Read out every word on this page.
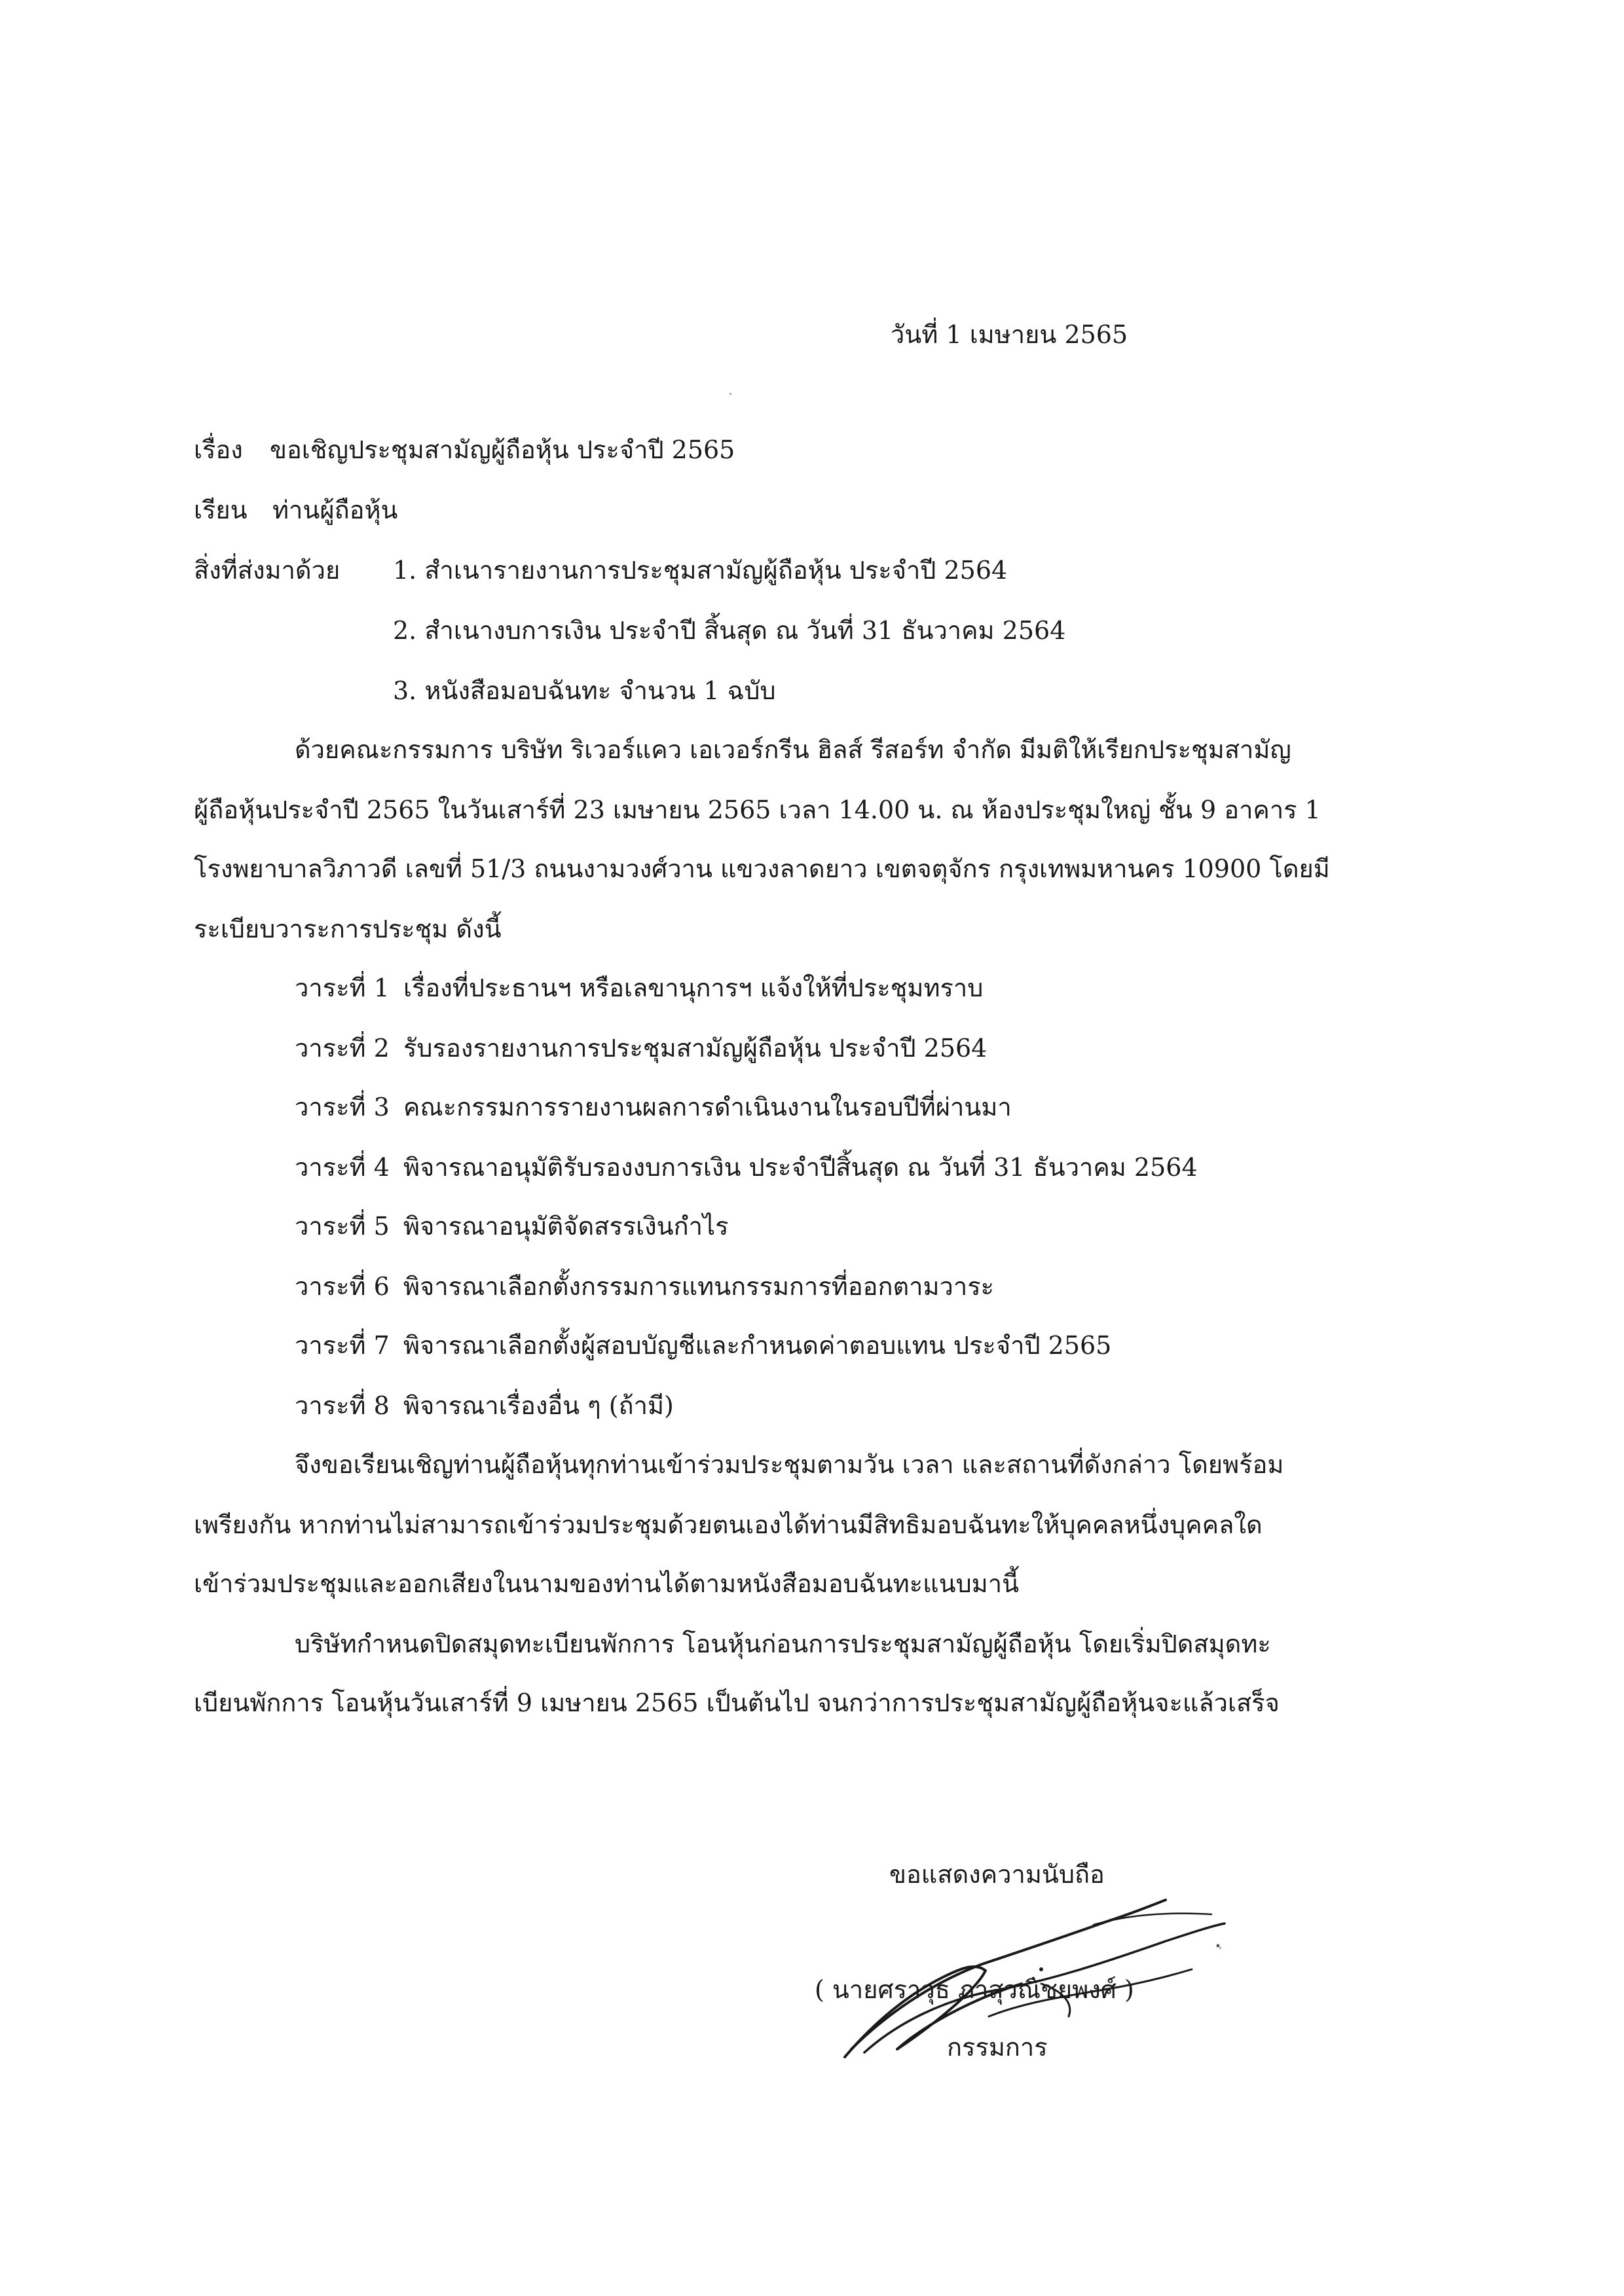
วันที่ 1 เมษายน 2565
เรื่อง ขอเชิญประชุมสามัญผู้ถือหุ้น ประจำปี 2565
เรียน ท่านผู้ถือหุ้น
สิ่งที่ส่งมาด้วย 1. สำเนารายงานการประชุมสามัญผู้ถือหุ้น ประจำปี 2564
2. สำเนางบการเงิน ประจำปี สิ้นสุด ณ วันที่ 31 ธันวาคม 2564
3. หนังสือมอบฉันทะ จำนวน 1 ฉบับ
ด้วยคณะกรรมการ บริษัท ริเวอร์แคว เอเวอร์กรีน ฮิลส์ รีสอร์ท จำกัด มีมติให้เรียกประชุมสามัญ
ผู้ถือหุ้นประจำปี 2565 ในวันเสาร์ที่ 23 เมษายน 2565 เวลา 14.00 น. ณ ห้องประชุมใหญ่ ชั้น 9 อาคาร 1
โรงพยาบาลวิภาวดี เลขที่ 51/3 ถนนงามวงศ์วาน แขวงลาดยาว เขตจตุจักร กรุงเทพมหานคร 10900 โดยมี
ระเบียบวาระการประชุม ดังนี้
วาระที่ 1 เรื่องที่ประธานฯ หรือเลขานุการฯ แจ้งให้ที่ประชุมทราบ
วาระที่ 2 รับรองรายงานการประชุมสามัญผู้ถือหุ้น ประจำปี 2564
วาระที่ 3 คณะกรรมการรายงานผลการดำเนินงานในรอบปีที่ผ่านมา
วาระที่ 4 พิจารณาอนุมัติรับรองงบการเงิน ประจำปีสิ้นสุด ณ วันที่ 31 ธันวาคม 2564
วาระที่ 5 พิจารณาอนุมัติจัดสรรเงินกำไร
วาระที่ 6 พิจารณาเลือกตั้งกรรมการแทนกรรมการที่ออกตามวาระ
วาระที่ 7 พิจารณาเลือกตั้งผู้สอบบัญชีและกำหนดค่าตอบแทน ประจำปี 2565
วาระที่ 8 พิจารณาเรื่องอื่น ๆ (ถ้ามี)
จึงขอเรียนเชิญท่านผู้ถือหุ้นทุกท่านเข้าร่วมประชุมตามวัน เวลา และสถานที่ดังกล่าว โดยพร้อม
เพรียงกัน หากท่านไม่สามารถเข้าร่วมประชุมด้วยตนเองได้ท่านมีสิทธิมอบฉันทะให้บุคคลหนึ่งบุคคลใด
เข้าร่วมประชุมและออกเสียงในนามของท่านได้ตามหนังสือมอบฉันทะแนบมานี้
บริษัทกำหนดปิดสมุดทะเบียนพักการ โอนหุ้นก่อนการประชุมสามัญผู้ถือหุ้น โดยเริ่มปิดสมุดทะ
เบียนพักการ โอนหุ้นวันเสาร์ที่ 9 เมษายน 2565 เป็นต้นไป จนกว่าการประชุมสามัญผู้ถือหุ้นจะแล้วเสร็จ
ขอแสดงความนับถือ
( นายศราวุธ ภาสุวณิชยพงศ์ )
กรรมการ
